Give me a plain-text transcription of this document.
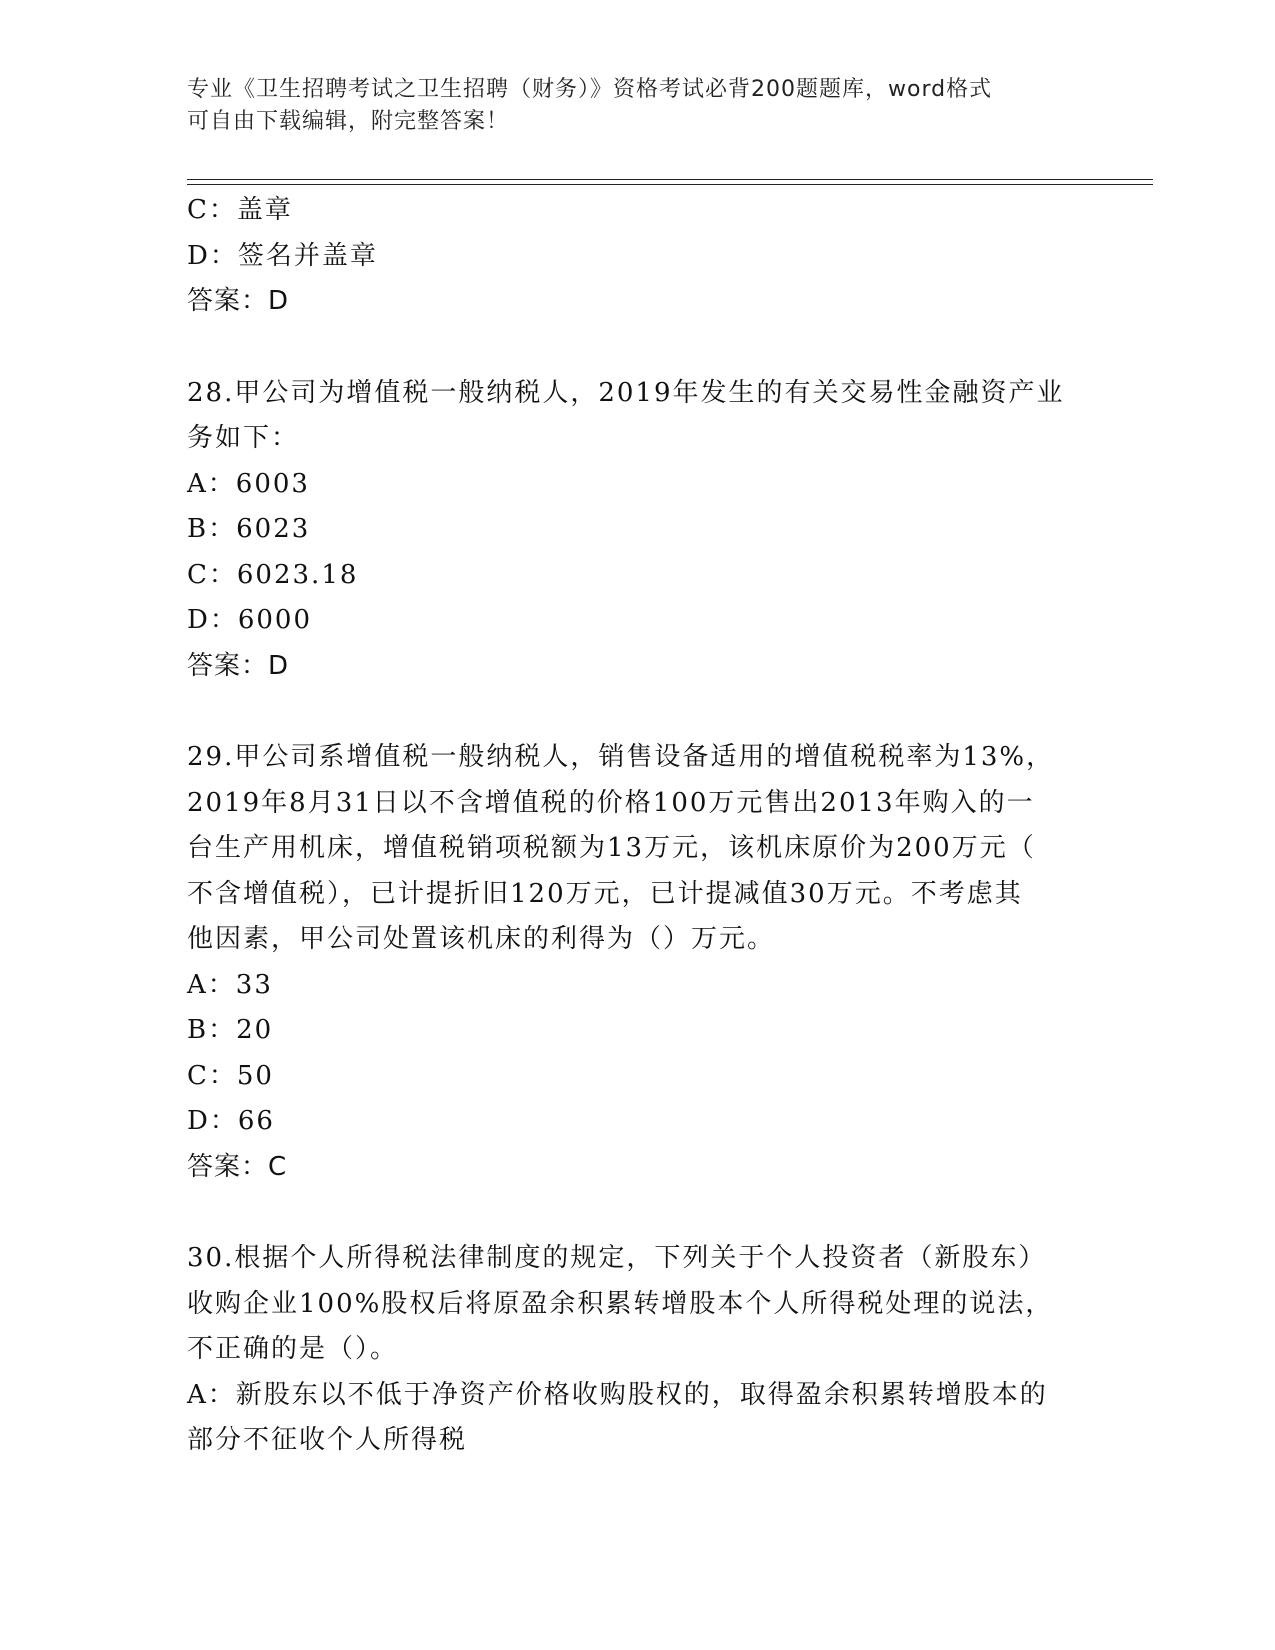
专业《卫生招聘考试之卫生招聘（财务）》资格考试必背200题题库，word格式
可自由下载编辑，附完整答案！
C：盖章
D：签名并盖章
答案：D
28.甲公司为增值税一般纳税人，2019年发生的有关交易性金融资产业
务如下：
A：6003
B：6023
C：6023.18
D：6000
答案：D
29.甲公司系增值税一般纳税人，销售设备适用的增值税税率为13%，
2019年8月31日以不含增值税的价格100万元售出2013年购入的一
台生产用机床，增值税销项税额为13万元，该机床原价为200万元（
不含增值税），已计提折旧120万元，已计提减值30万元。不考虑其
他因素，甲公司处置该机床的利得为（）万元。
A：33
B：20
C：50
D：66
答案：C
30.根据个人所得税法律制度的规定，下列关于个人投资者（新股东）
收购企业100%股权后将原盈余积累转增股本个人所得税处理的说法，
不正确的是（）。
A：新股东以不低于净资产价格收购股权的，取得盈余积累转增股本的
部分不征收个人所得税
